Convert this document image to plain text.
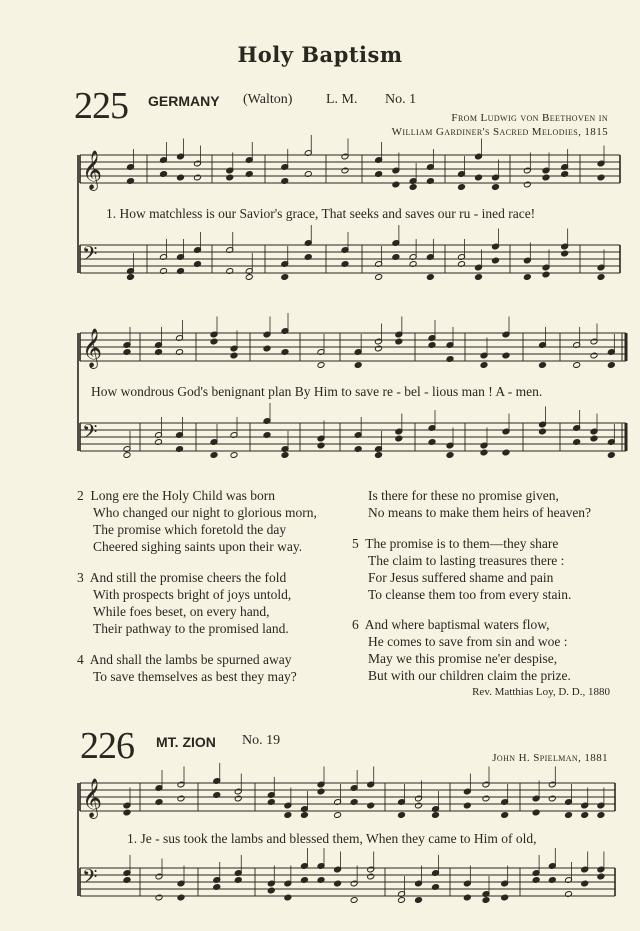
Holy Baptism
225 GERMANY (Walton) L. M. No. 1
From Ludwig von Beethoven in
William Gardiner's Sacred Melodies, 1815
𝄞
𝄢
𝄞
𝄢
𝄞
𝄢
1. How matchless is our Savior's grace, That seeks and saves our ru - ined race!
How wondrous God's benignant plan By Him to save re - bel - lious man ! A - men.
2 Long ere the Holy Child was born
Who changed our night to glorious morn,
The promise which foretold the day
Cheered sighing saints upon their way.
3 And still the promise cheers the fold
With prospects bright of joys untold,
While foes beset, on every hand,
Their pathway to the promised land.
4 And shall the lambs be spurned away
To save themselves as best they may?
Is there for these no promise given,
No means to make them heirs of heaven?
5 The promise is to them—they share
The claim to lasting treasures there :
For Jesus suffered shame and pain
To cleanse them too from every stain.
6 And where baptismal waters flow,
He comes to save from sin and woe :
May we this promise ne'er despise,
But with our children claim the prize.
Rev. Matthias Loy, D. D., 1880
226 MT. ZION No. 19
John H. Spielman, 1881
1. Je - sus took the lambs and blessed them, When they came to Him of old,
